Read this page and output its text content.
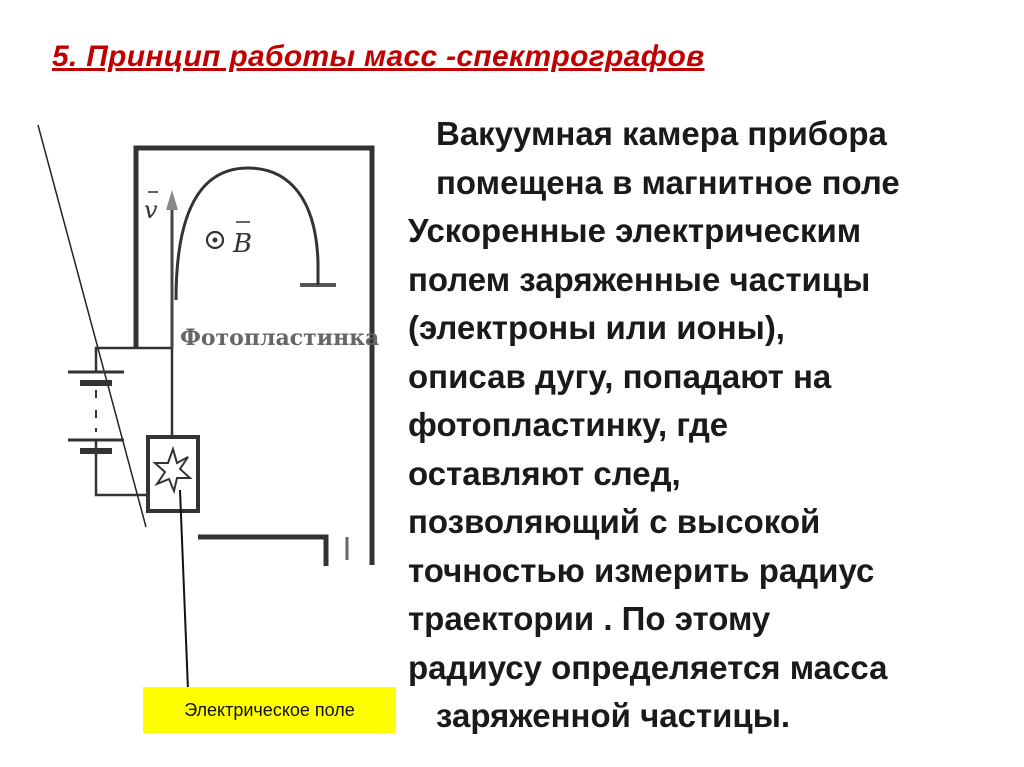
5. Принцип работы масс -спектрографов
v
B
Фотопластинка
Вакуумная камера прибора
помещена в магнитное поле
Ускоренные электрическим
полем заряженные частицы
(электроны или ионы),
описав дугу, попадают на
фотопластинку, где
оставляют след,
позволяющий с высокой
точностью измерить радиус
траектории . По этому
радиусу определяется масса
заряженной частицы.
Электрическое поле
